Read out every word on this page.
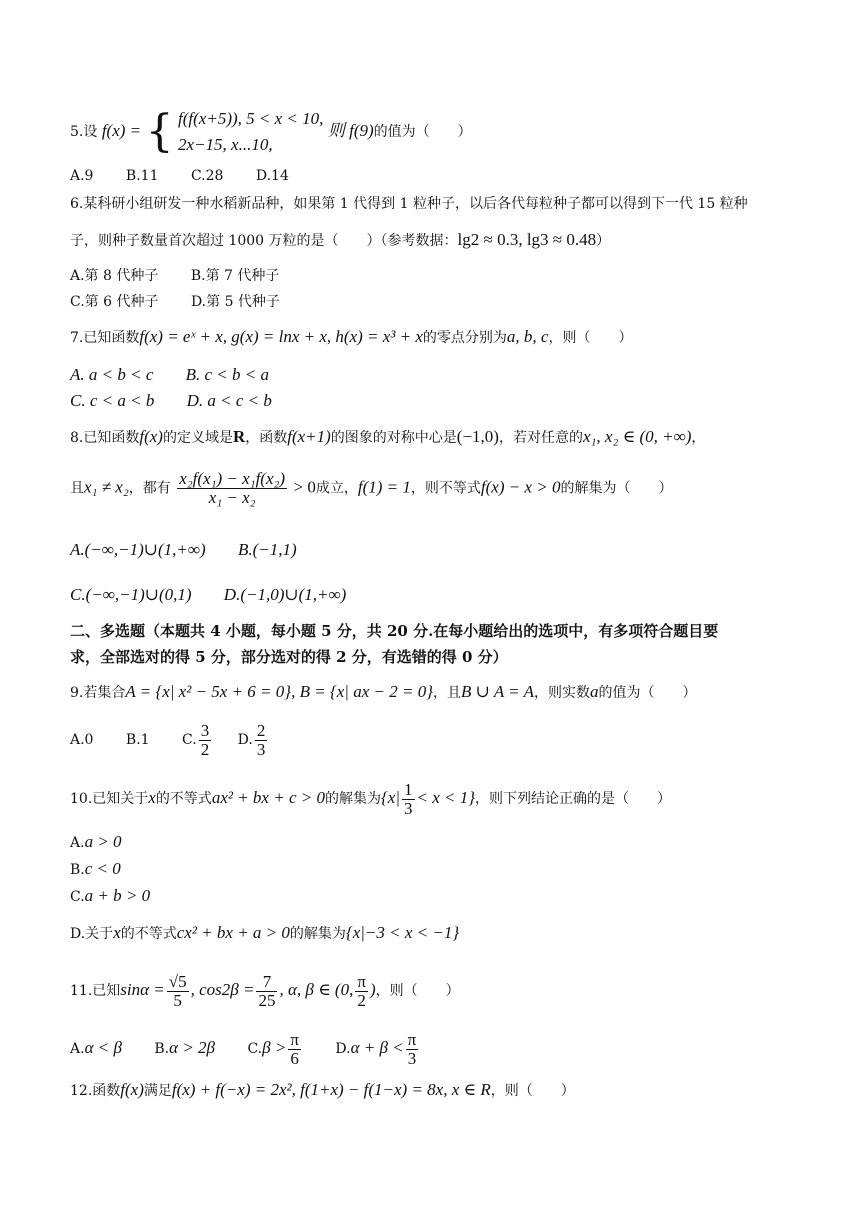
5.设 f(x) = { f(f(x+5)), 5 < x < 10,
2x−15, x...10,
则 f(9)的值为（　　）
A.9 B.11 C.28 D.14
6.某科研小组研发一种水稻新品种，如果第 1 代得到 1 粒种子，以后各代每粒种子都可以得到下一代 15 粒种
子，则种子数量首次超过 1000 万粒的是（　　）（参考数据：lg2 ≈ 0.3, lg3 ≈ 0.48）
A.第 8 代种子 B.第 7 代种子
C.第 6 代种子 D.第 5 代种子
7.已知函数f(x) = eˣ + x, g(x) = lnx + x, h(x) = x³ + x的零点分别为a, b, c，则（　　）
A. a < b < c B. c < b < a
C. c < a < b D. a < c < b
8.已知函数f(x)的定义域是R，函数f(x+1)的图象的对称中心是(−1,0)，若对任意的x₁, x₂ ∈ (0, +∞)，
且x₁ ≠ x₂，都有 $\frac{\text{x₂f(x₁) − x₁f(x₂)}}{\text{x₁ − x₂}} > 0$成立，f(1) = 1，则不等式f(x) − x > 0的解集为（　　）
A.(−∞,−1)∪(1,+∞) B.(−1,1)
C.(−∞,−1)∪(0,1) D.(−1,0)∪(1,+∞)
二、多选题（本题共 4 小题，每小题 5 分，共 20 分.在每小题给出的选项中，有多项符合题目要
求，全部选对的得 5 分，部分选对的得 2 分，有选错的得 0 分）
9.若集合A = {x| x² − 5x + 6 = 0}, B = {x| ax − 2 = 0}，且B ∪ A = A，则实数a的值为（　　）
A.0 B.1 C. $\frac{3}{2} D$. $\frac{2}{3}$
10.已知关于x的不等式ax² + bx + c > 0的解集为$\{x| \frac{1}{3} < x < 1\}$，则下列结论正确的是（　　）
A.a > 0
B.c < 0
C.a + b > 0
D.关于x的不等式cx² + bx + a > 0的解集为{x|−3 < x < −1}
11.已知$\sin\alpha = \frac{√5}{5}$ , $\cos 2\beta = \frac{7}{25}$ , α, β ∈ (0, $\frac{\pi}{2}$ )，则（　　）
A.α < β B.α > 2β $C.\beta > \frac{\pi}{6} D.\alpha + \beta < \frac{\pi}{3}$
12.函数f(x)满足f(x) + f(−x) = 2x², f(1+x) − f(1−x) = 8x, x ∈ R，则（　　）
